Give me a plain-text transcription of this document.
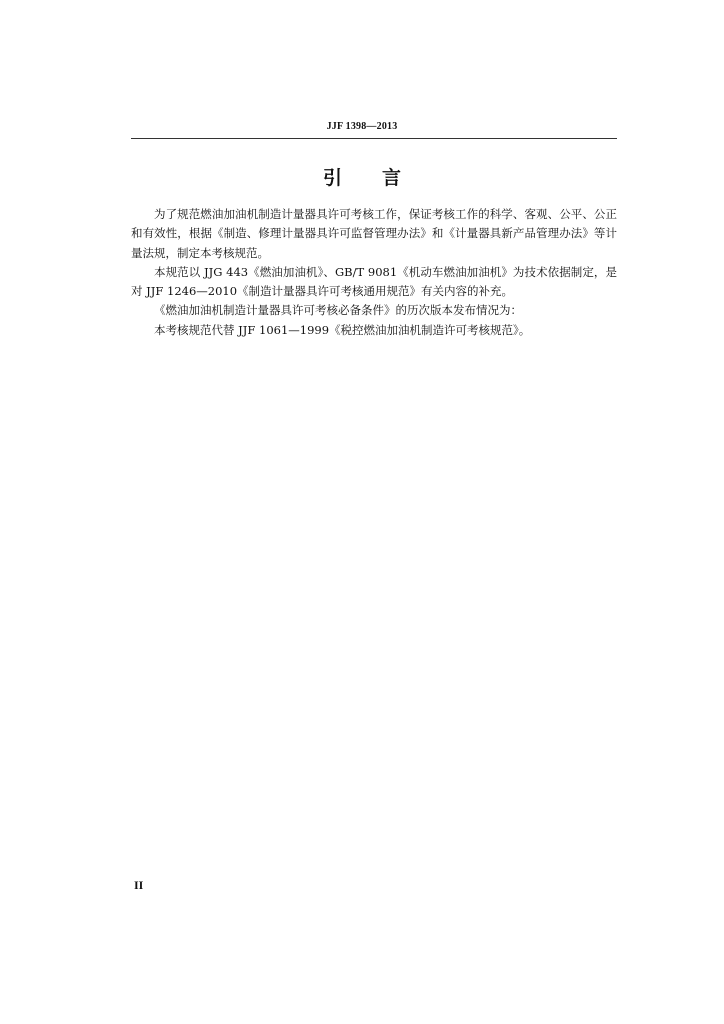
JJF 1398—2013
引言

为了规范燃油加油机制造计量器具许可考核工作，保证考核工作的科学、客观、公平、公正和有效性，根据《制造、修理计量器具许可监督管理办法》和《计量器具新产品管理办法》等计量法规，制定本考核规范。

本规范以 JJG 443《燃油加油机》、GB/T 9081《机动车燃油加油机》为技术依据制定，是对 JJF 1246—2010《制造计量器具许可考核通用规范》有关内容的补充。

《燃油加油机制造计量器具许可考核必备条件》的历次版本发布情况为：

本考核规范代替 JJF 1061—1999《税控燃油加油机制造许可考核规范》。

II
